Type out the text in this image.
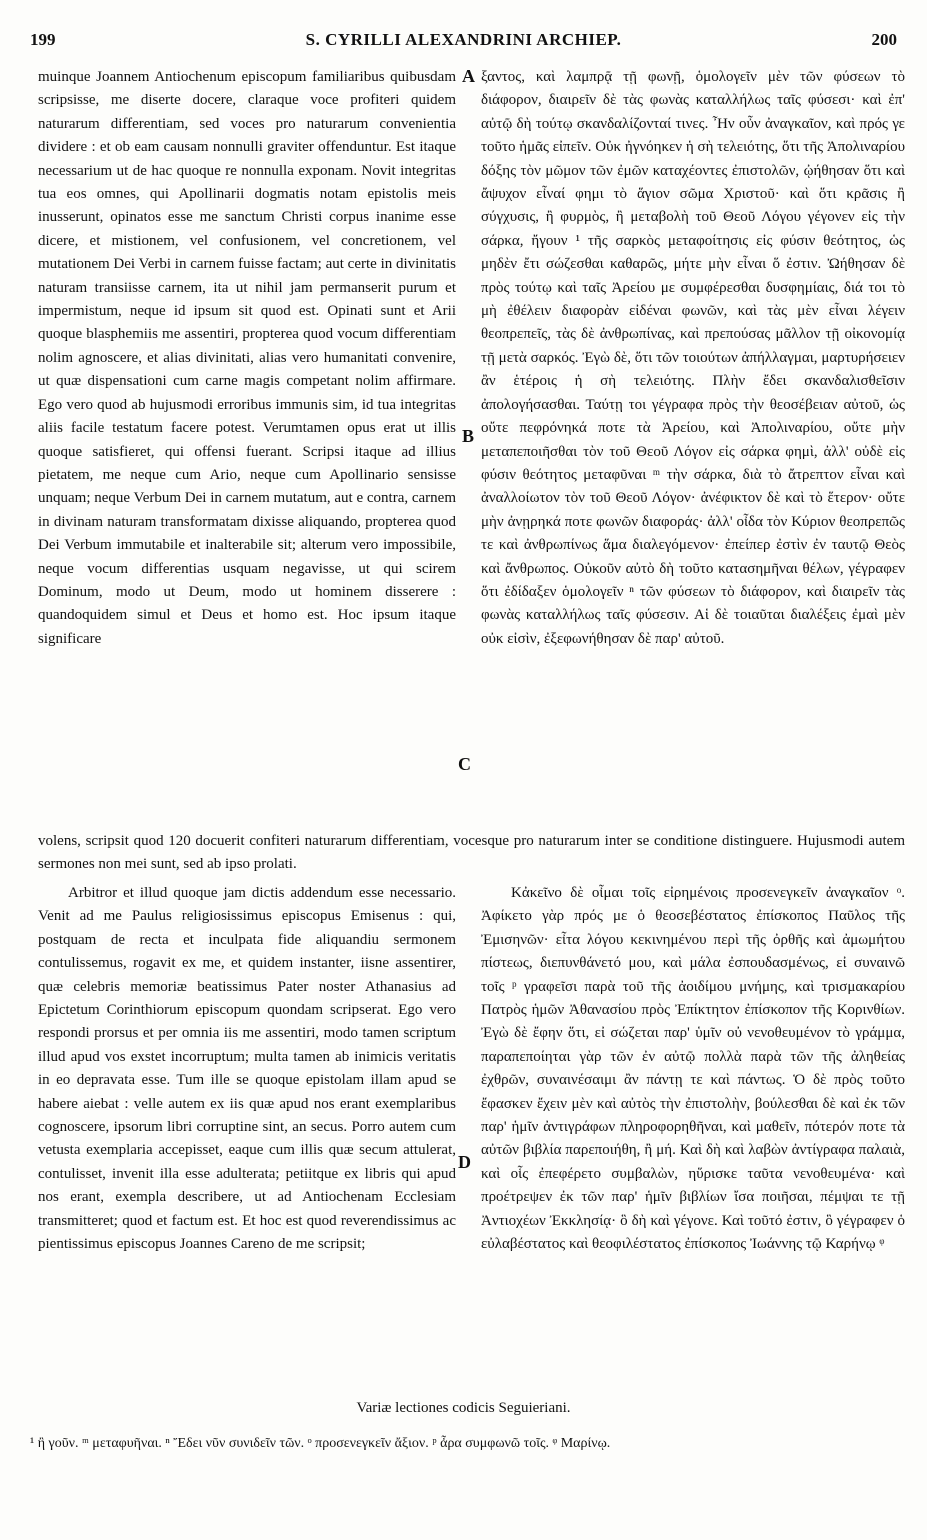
199	S. CYRILLI ALEXANDRINI ARCHIEP.	200
A
B
C
D

muinque Joannem Antiochenum episcopum familiaribus quibusdam scripsisse, me diserte docere, claraque voce profiteri quidem naturarum differentiam, sed voces pro naturarum convenientia dividere : et ob eam causam nonnulli graviter offenduntur. Est itaque necessarium ut de hac quoque re nonnulla exponam. Novit integritas tua eos omnes, qui Apollinarii dogmatis notam epistolis meis inusserunt, opinatos esse me sanctum Christi corpus inanime esse dicere, et mistionem, vel confusionem, vel concretionem, vel mutationem Dei Verbi in carnem fuisse factam; aut certe in divinitatis naturam transiisse carnem, ita ut nihil jam permanserit purum et impermistum, neque id ipsum sit quod est. Opinati sunt et Arii quoque blasphemiis me assentiri, propterea quod vocum differentiam nolim agnoscere, et alias divinitati, alias vero humanitati convenire, ut quæ dispensationi cum carne magis competant nolim affirmare. Ego vero quod ab hujusmodi erroribus immunis sim, id tua integritas aliis facile testatum facere potest. Verumtamen opus erat ut illis quoque satisfieret, qui offensi fuerant. Scripsi itaque ad illius pietatem, me neque cum Ario, neque cum Apollinario sensisse unquam; neque Verbum Dei in carnem mutatum, aut e contra, carnem in divinam naturam transformatam dixisse aliquando, propterea quod Dei Verbum immutabile et inalterabile sit; alterum vero impossibile, neque vocum differentias usquam negavisse, ut qui scirem Dominum, modo ut Deum, modo ut hominem disserere : quandoquidem simul et Deus et homo est. Hoc ipsum itaque significare

ξαντος, καὶ λαμπρᾷ τῇ φωνῇ, ὁμολογεῖν μὲν τῶν φύσεων τὸ διάφορον, διαιρεῖν δὲ τὰς φωνὰς καταλλήλως ταῖς φύσεσι· καὶ ἐπ' αὐτῷ δὴ τούτῳ σκανδαλίζονταί τινες. Ἦν οὖν ἀναγκαῖον, καὶ πρός γε τοῦτο ἡμᾶς εἰπεῖν. Οὐκ ἠγνόηκεν ἡ σὴ τελειότης, ὅτι τῆς Ἀπολιναρίου δόξης τὸν μῶμον τῶν ἐμῶν καταχέοντες ἐπιστολῶν, ᾠήθησαν ὅτι καὶ ἄψυχον εἶναί φημι τὸ ἅγιον σῶμα Χριστοῦ· καὶ ὅτι κρᾶσις ἢ σύγχυσις, ἢ φυρμὸς, ἢ μεταβολὴ τοῦ Θεοῦ Λόγου γέγονεν εἰς τὴν σάρκα, ἤγουν ¹ τῆς σαρκὸς μεταφοίτησις εἰς φύσιν θεότητος, ὡς μηδὲν ἔτι σώζεσθαι καθαρῶς, μήτε μὴν εἶναι ὅ ἐστιν. Ὠήθησαν δὲ πρὸς τούτῳ καὶ ταῖς Ἀρείου με συμφέρεσθαι δυσφημίαις, διά τοι τὸ μὴ ἐθέλειν διαφορὰν εἰδέναι φωνῶν, καὶ τὰς μὲν εἶναι λέγειν θεοπρεπεῖς, τὰς δὲ ἀνθρωπίνας, καὶ πρεπούσας μᾶλλον τῇ οἰκονομίᾳ τῇ μετὰ σαρκός. Ἐγὼ δὲ, ὅτι τῶν τοιούτων ἀπήλλαγμαι, μαρτυρήσειεν ἂν ἑτέροις ἡ σὴ τελειότης. Πλὴν ἔδει σκανδαλισθεῖσιν ἀπολογήσασθαι. Ταύτῃ τοι γέγραφα πρὸς τὴν θεοσέβειαν αὐτοῦ, ὡς οὔτε πεφρόνηκά ποτε τὰ Ἀρείου, καὶ Ἀπολιναρίου, οὔτε μὴν μεταπεποιῆσθαι τὸν τοῦ Θεοῦ Λόγον εἰς σάρκα φημὶ, ἀλλ' οὐδὲ εἰς φύσιν θεότητος μεταφῦναι ᵐ τὴν σάρκα, διὰ τὸ ἄτρεπτον εἶναι καὶ ἀναλλοίωτον τὸν τοῦ Θεοῦ Λόγον· ἀνέφικτον δὲ καὶ τὸ ἕτερον· οὔτε μὴν ἀνῃρηκά ποτε φωνῶν διαφοράς· ἀλλ' οἶδα τὸν Κύριον θεοπρεπῶς τε καὶ ἀνθρωπίνως ἅμα διαλεγόμενον· ἐπείπερ ἐστὶν ἐν ταυτῷ Θεὸς καὶ ἄνθρωπος. Οὐκοῦν αὐτὸ δὴ τοῦτο κατασημῆναι θέλων, γέγραφεν ὅτι ἐδίδαξεν ὁμολογεῖν ⁿ τῶν φύσεων τὸ διάφορον, καὶ διαιρεῖν τὰς φωνὰς καταλλήλως ταῖς φύσεσιν. Αἱ δὲ τοιαῦται διαλέξεις ἐμαὶ μὲν οὐκ εἰσὶν, ἐξεφωνήθησαν δὲ παρ' αὐτοῦ.

volens, scripsit quod 120 docuerit confiteri naturarum differentiam, vocesque pro naturarum inter se conditione distinguere. Hujusmodi autem sermones non mei sunt, sed ab ipso prolati.

Arbitror et illud quoque jam dictis addendum esse necessario. Venit ad me Paulus religiosissimus episcopus Emisenus : qui, postquam de recta et inculpata fide aliquandiu sermonem contulissemus, rogavit ex me, et quidem instanter, iisne assentirer, quæ celebris memoriæ beatissimus Pater noster Athanasius ad Epictetum Corinthiorum episcopum quondam scripserat. Ego vero respondi prorsus et per omnia iis me assentiri, modo tamen scriptum illud apud vos exstet incorruptum; multa tamen ab inimicis veritatis in eo depravata esse. Tum ille se quoque epistolam illam apud se habere aiebat : velle autem ex iis quæ apud nos erant exemplaribus cognoscere, ipsorum libri corruptine sint, an secus. Porro autem cum vetusta exemplaria accepisset, eaque cum illis quæ secum attulerat, contulisset, invenit illa esse adulterata; petiitque ex libris qui apud nos erant, exempla describere, ut ad Antiochenam Ecclesiam transmitteret; quod et factum est. Et hoc est quod reverendissimus ac pientissimus episcopus Joannes Careno de me scripsit;

Κἀκεῖνο δὲ οἶμαι τοῖς εἰρημένοις προσενεγκεῖν ἀναγκαῖον ᵒ. Ἀφίκετο γὰρ πρός με ὁ θεοσεβέστατος ἐπίσκοπος Παῦλος τῆς Ἐμισηνῶν· εἶτα λόγου κεκινημένου περὶ τῆς ὀρθῆς καὶ ἀμωμήτου πίστεως, διεπυνθάνετό μου, καὶ μάλα ἐσπουδασμένως, εἰ συναινῶ τοῖς ᵖ γραφεῖσι παρὰ τοῦ τῆς ἀοιδίμου μνήμης, καὶ τρισμακαρίου Πατρὸς ἡμῶν Ἀθανασίου πρὸς Ἐπίκτητον ἐπίσκοπον τῆς Κορινθίων. Ἐγὼ δὲ ἔφην ὅτι, εἰ σώζεται παρ' ὑμῖν οὐ νενοθευμένον τὸ γράμμα, παραπεποίηται γὰρ τῶν ἐν αὐτῷ πολλὰ παρὰ τῶν τῆς ἀληθείας ἐχθρῶν, συναινέσαιμι ἂν πάντῃ τε καὶ πάντως. Ὁ δὲ πρὸς τοῦτο ἔφασκεν ἔχειν μὲν καὶ αὐτὸς τὴν ἐπιστολὴν, βούλεσθαι δὲ καὶ ἐκ τῶν παρ' ἡμῖν ἀντιγράφων πληροφορηθῆναι, καὶ μαθεῖν, πότερόν ποτε τὰ αὐτῶν βιβλία παρεποιήθη, ἢ μή. Καὶ δὴ καὶ λαβὼν ἀντίγραφα παλαιὰ, καὶ οἷς ἐπεφέρετο συμβαλὼν, ηὕρισκε ταῦτα νενοθευμένα· καὶ προέτρεψεν ἐκ τῶν παρ' ἡμῖν βιβλίων ἴσα ποιῆσαι, πέμψαι τε τῇ Ἀντιοχέων Ἐκκλησίᾳ· ὃ δὴ καὶ γέγονε. Καὶ τοῦτό ἐστιν, ὃ γέγραφεν ὁ εὐλαβέστατος καὶ θεοφιλέστατος ἐπίσκοπος Ἰωάννης τῷ Καρήνῳ ᵠ

Variæ lectiones codicis Seguieriani.
¹ ἢ γοῦν. ᵐ μεταφυῆναι. ⁿ Ἔδει νῦν συνιδεῖν τῶν. ᵒ προσενεγκεῖν ἄξιον. ᵖ ἆρα συμφωνῶ τοῖς. ᵠ Μαρίνῳ.
